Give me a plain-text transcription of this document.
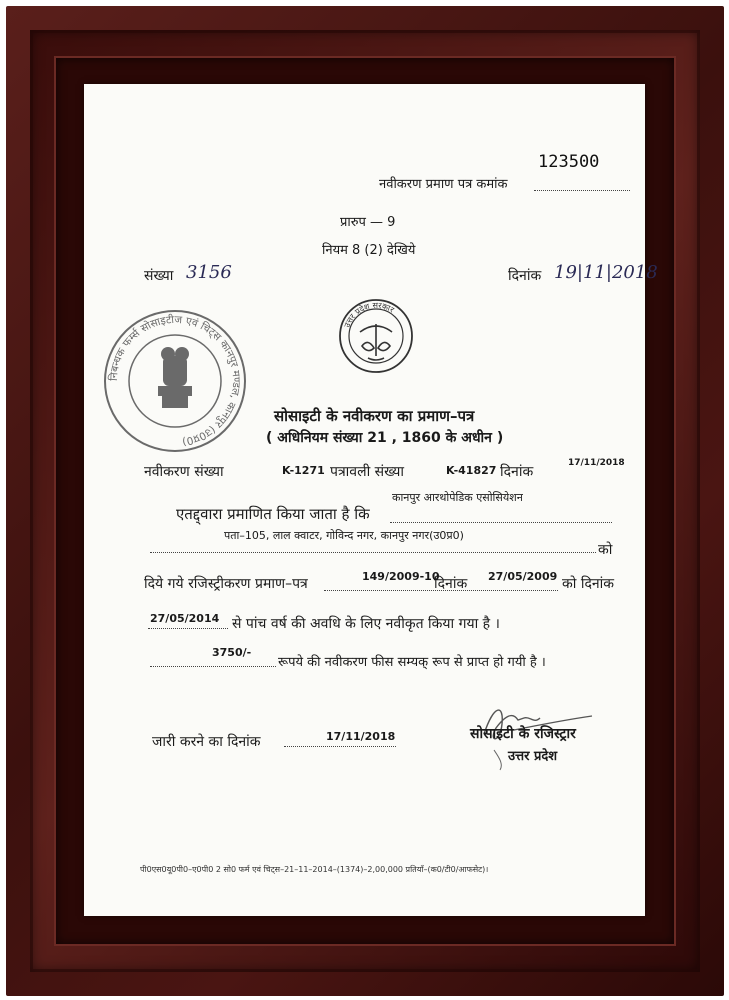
123500
नवीकरण प्रमाण पत्र कमांक
प्रारुप — 9
नियम 8 (2) देखिये
संख्या 3156	दिनांक 19|11|2018
निबन्धक फर्म्स सोसाइटीज एवं चिट्स कानपुर मण्डल, कानपुर (उ0प्र0)
उत्तर प्रदेश सरकार
सोसाइटी के नवीकरण का प्रमाण–पत्र
( अधिनियम संख्या 21 , 1860 के अधीन )
नवीकरण संख्या	K-1271 पत्रावली संख्या	K-41827 दिनांक
17/11/2018
एतद्द्वारा प्रमाणित किया जाता है कि
कानपुर आरथोपेडिक एसोसियेशन
पता–105, लाल क्वाटर, गोविन्द नगर, कानपुर नगर(उ0प्र0)
को
दिये गये रजिस्ट्रीकरण प्रमाण–पत्र	149/2009-10
दिनांक 27/05/2009 को दिनांक
27/05/2014 से पांच वर्ष की अवधि के लिए नवीकृत किया गया है ।
3750/-
रूपये की नवीकरण फीस सम्यक् रूप से प्राप्त हो गयी है ।
जारी करने का दिनांक	17/11/2018	सोसाइटी के रजिस्ट्रार
उत्तर प्रदेश
पी0एस0यू0पी0–ए0पी0 2 सो0 फर्म एवं चिट्स–21–11–2014–(1374)–2,00,000 प्रतियाँ–(क0/टी0/आफसेट)।
